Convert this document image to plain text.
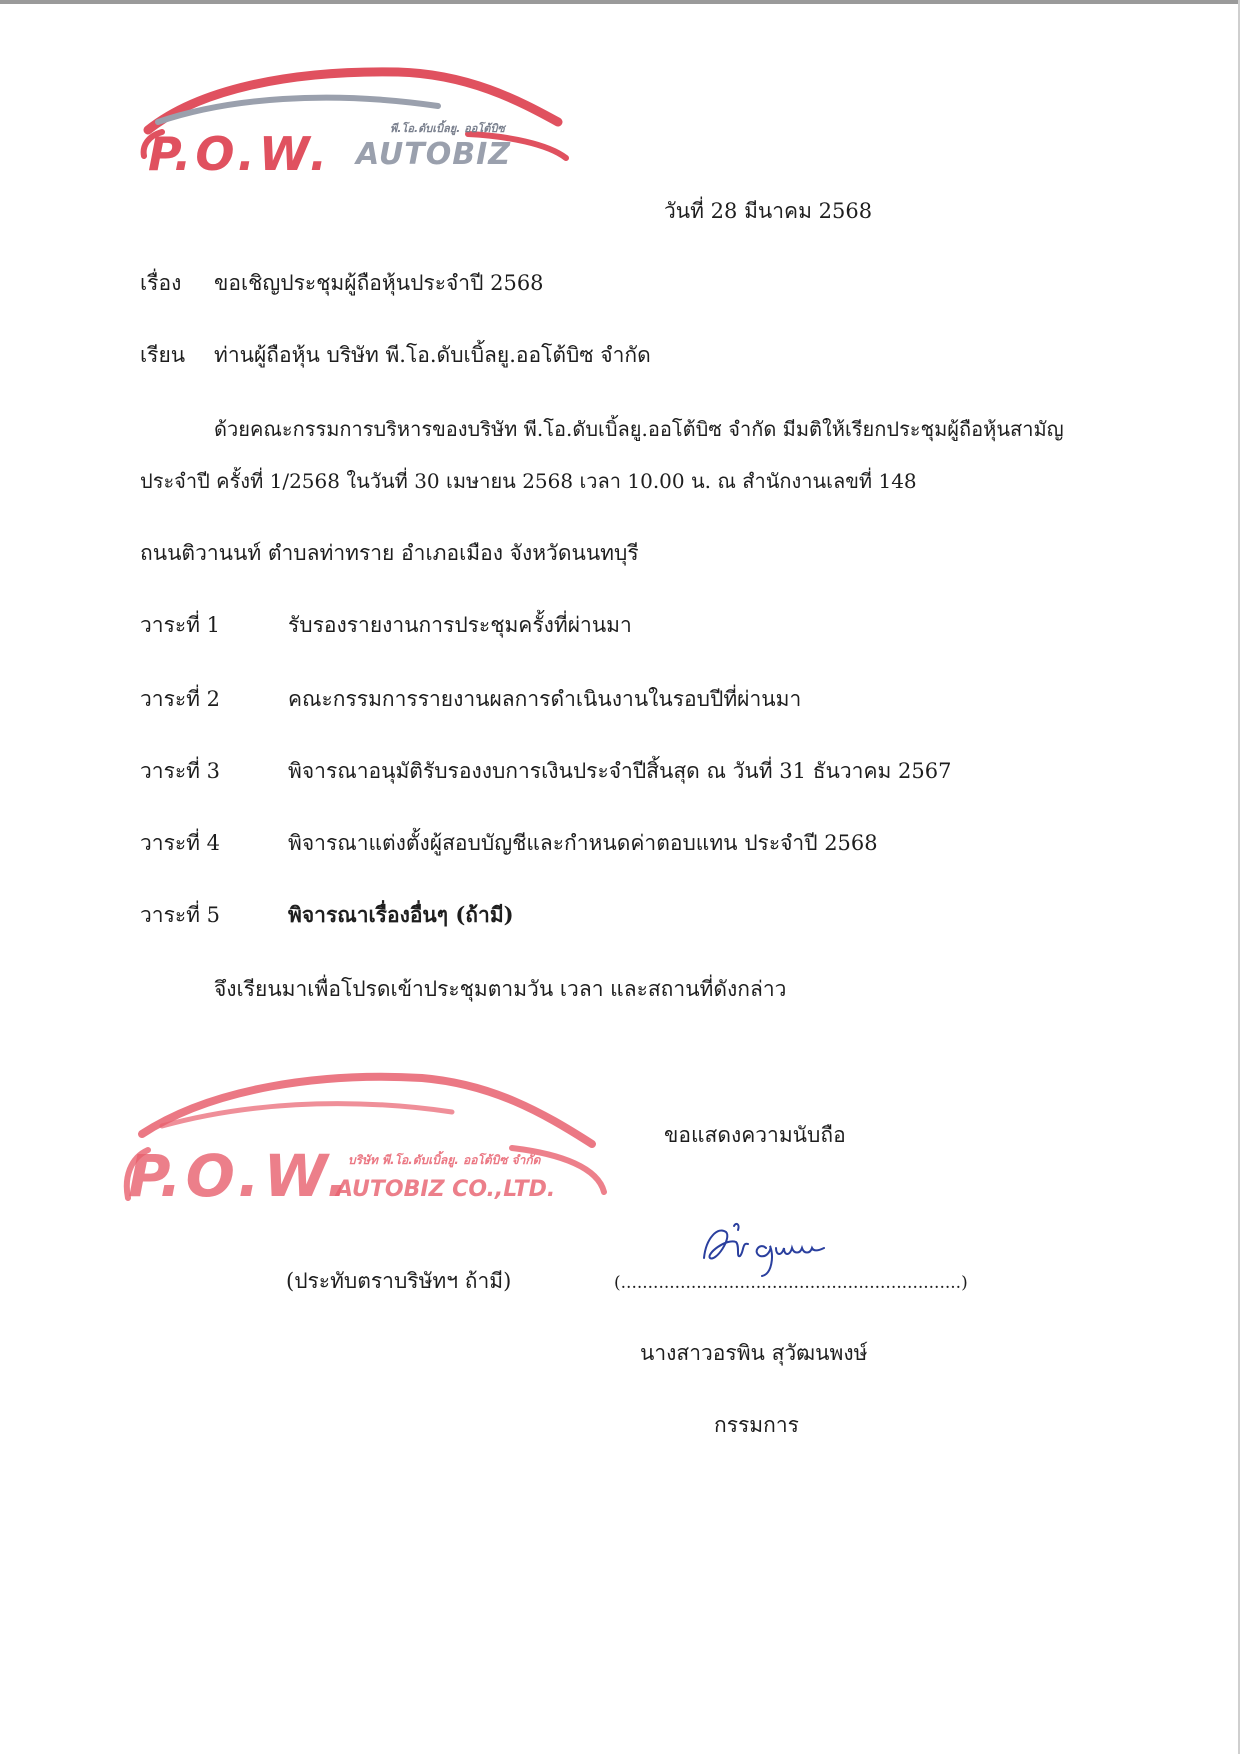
P.O.W. AUTOBIZ
พี.โอ.ดับเบิ้ลยู. ออโต้บิซ
วันที่ 28 มีนาคม 2568
เรื่อง ขอเชิญประชุมผู้ถือหุ้นประจำปี 2568
เรียน ท่านผู้ถือหุ้น บริษัท พี.โอ.ดับเบิ้ลยู.ออโต้บิซ จำกัด
ด้วยคณะกรรมการบริหารของบริษัท พี.โอ.ดับเบิ้ลยู.ออโต้บิซ จำกัด มีมติให้เรียกประชุมผู้ถือหุ้นสามัญ
ประจำปี ครั้งที่ 1/2568 ในวันที่ 30 เมษายน 2568 เวลา 10.00 น. ณ สำนักงานเลขที่ 148
ถนนติวานนท์ ตำบลท่าทราย อำเภอเมือง จังหวัดนนทบุรี
วาระที่ 1	รับรองรายงานการประชุมครั้งที่ผ่านมา
วาระที่ 2	คณะกรรมการรายงานผลการดำเนินงานในรอบปีที่ผ่านมา
วาระที่ 3	พิจารณาอนุมัติรับรองงบการเงินประจำปีสิ้นสุด ณ วันที่ 31 ธันวาคม 2567
วาระที่ 4	พิจารณาแต่งตั้งผู้สอบบัญชีและกำหนดค่าตอบแทน ประจำปี 2568
วาระที่ 5	พิจารณาเรื่องอื่นๆ (ถ้ามี)
จึงเรียนมาเพื่อโปรดเข้าประชุมตามวัน เวลา และสถานที่ดังกล่าว
P.O.W.
บริษัท พี.โอ.ดับเบิ้ลยู. ออโต้บิซ จำกัด
AUTOBIZ CO.,LTD.
ขอแสดงความนับถือ
(ประทับตราบริษัทฯ ถ้ามี)	(...............................................................)
นางสาวอรพิน สุวัฒนพงษ์
กรรมการ
